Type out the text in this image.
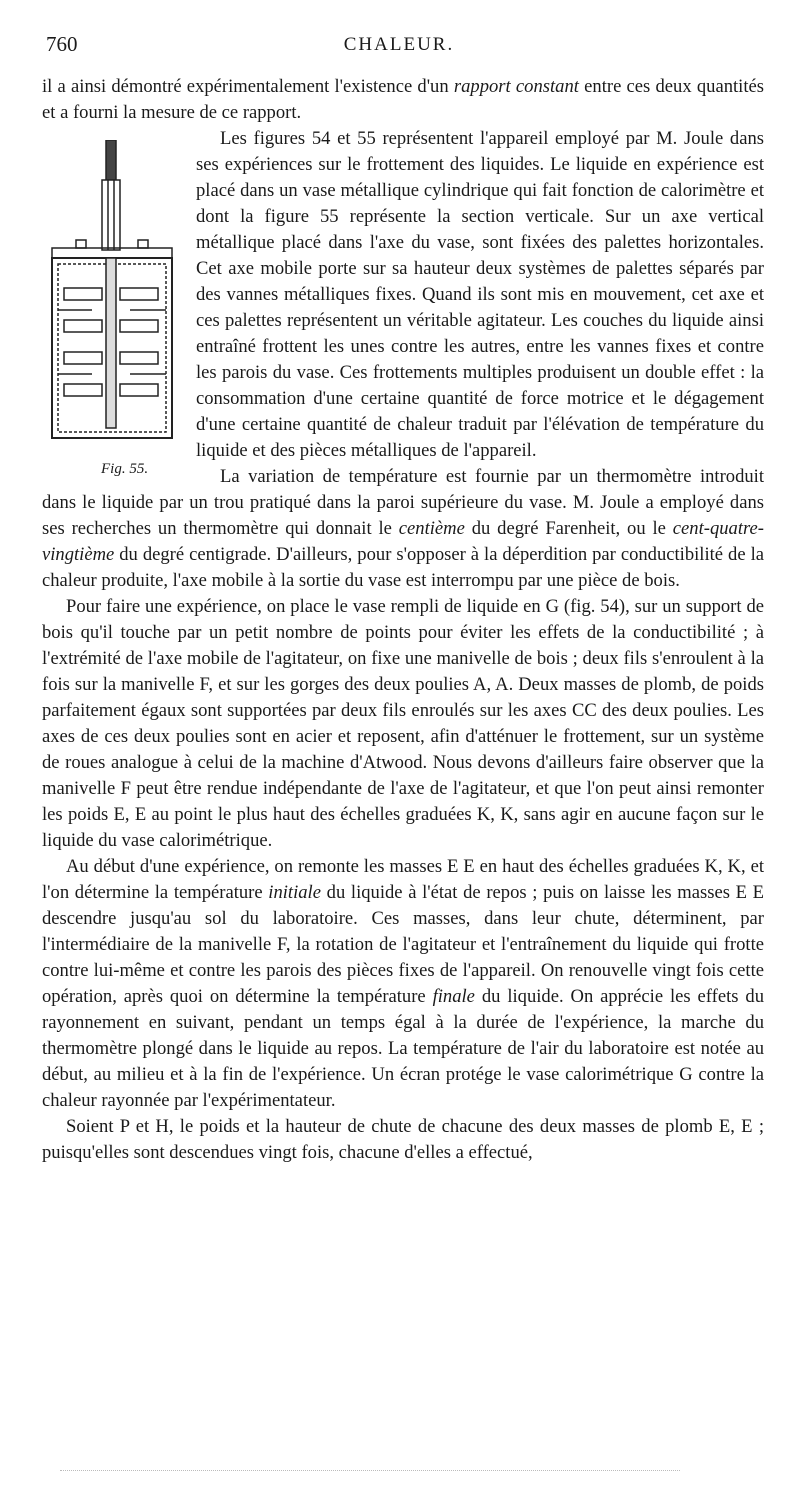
760	CHALEUR.

il a ainsi démontré expérimentalement l'existence d'un rapport constant entre ces deux quantités et a fourni la mesure de ce rapport.

Fig. 55.
Les figures 54 et 55 représentent l'appareil employé par M. Joule dans ses expériences sur le frottement des liquides. Le liquide en expérience est placé dans un vase métallique cylindrique qui fait fonction de calorimètre et dont la figure 55 représente la section verticale. Sur un axe vertical métallique placé dans l'axe du vase, sont fixées des palettes horizontales. Cet axe mobile porte sur sa hauteur deux systèmes de palettes séparés par des vannes métalliques fixes. Quand ils sont mis en mouvement, cet axe et ces palettes représentent un véritable agitateur. Les couches du liquide ainsi entraîné frottent les unes contre les autres, entre les vannes fixes et contre les parois du vase. Ces frottements multiples produisent un double effet : la consommation d'une certaine quantité de force motrice et le dégagement d'une certaine quantité de chaleur traduit par l'élévation de température du liquide et des pièces métalliques de l'appareil.

La variation de température est fournie par un thermomètre introduit dans le liquide par un trou pratiqué dans la paroi supérieure du vase. M. Joule a employé dans ses recherches un thermomètre qui donnait le centième du degré Farenheit, ou le cent-quatre-vingtième du degré centigrade. D'ailleurs, pour s'opposer à la déperdition par conductibilité de la chaleur produite, l'axe mobile à la sortie du vase est interrompu par une pièce de bois.

Pour faire une expérience, on place le vase rempli de liquide en G (fig. 54), sur un support de bois qu'il touche par un petit nombre de points pour éviter les effets de la conductibilité ; à l'extrémité de l'axe mobile de l'agitateur, on fixe une manivelle de bois ; deux fils s'enroulent à la fois sur la manivelle F, et sur les gorges des deux poulies A, A. Deux masses de plomb, de poids parfaitement égaux sont supportées par deux fils enroulés sur les axes CC des deux poulies. Les axes de ces deux poulies sont en acier et reposent, afin d'atténuer le frottement, sur un système de roues analogue à celui de la machine d'Atwood. Nous devons d'ailleurs faire observer que la manivelle F peut être rendue indépendante de l'axe de l'agitateur, et que l'on peut ainsi remonter les poids E, E au point le plus haut des échelles graduées K, K, sans agir en aucune façon sur le liquide du vase calorimétrique.

Au début d'une expérience, on remonte les masses E E en haut des échelles graduées K, K, et l'on détermine la température initiale du liquide à l'état de repos ; puis on laisse les masses E E descendre jusqu'au sol du laboratoire. Ces masses, dans leur chute, déterminent, par l'intermédiaire de la manivelle F, la rotation de l'agitateur et l'entraînement du liquide qui frotte contre lui-même et contre les parois des pièces fixes de l'appareil. On renouvelle vingt fois cette opération, après quoi on détermine la température finale du liquide. On apprécie les effets du rayonnement en suivant, pendant un temps égal à la durée de l'expérience, la marche du thermomètre plongé dans le liquide au repos. La température de l'air du laboratoire est notée au début, au milieu et à la fin de l'expérience. Un écran protége le vase calorimétrique G contre la chaleur rayonnée par l'expérimentateur.

Soient P et H, le poids et la hauteur de chute de chacune des deux masses de plomb E, E ; puisqu'elles sont descendues vingt fois, chacune d'elles a effectué,
